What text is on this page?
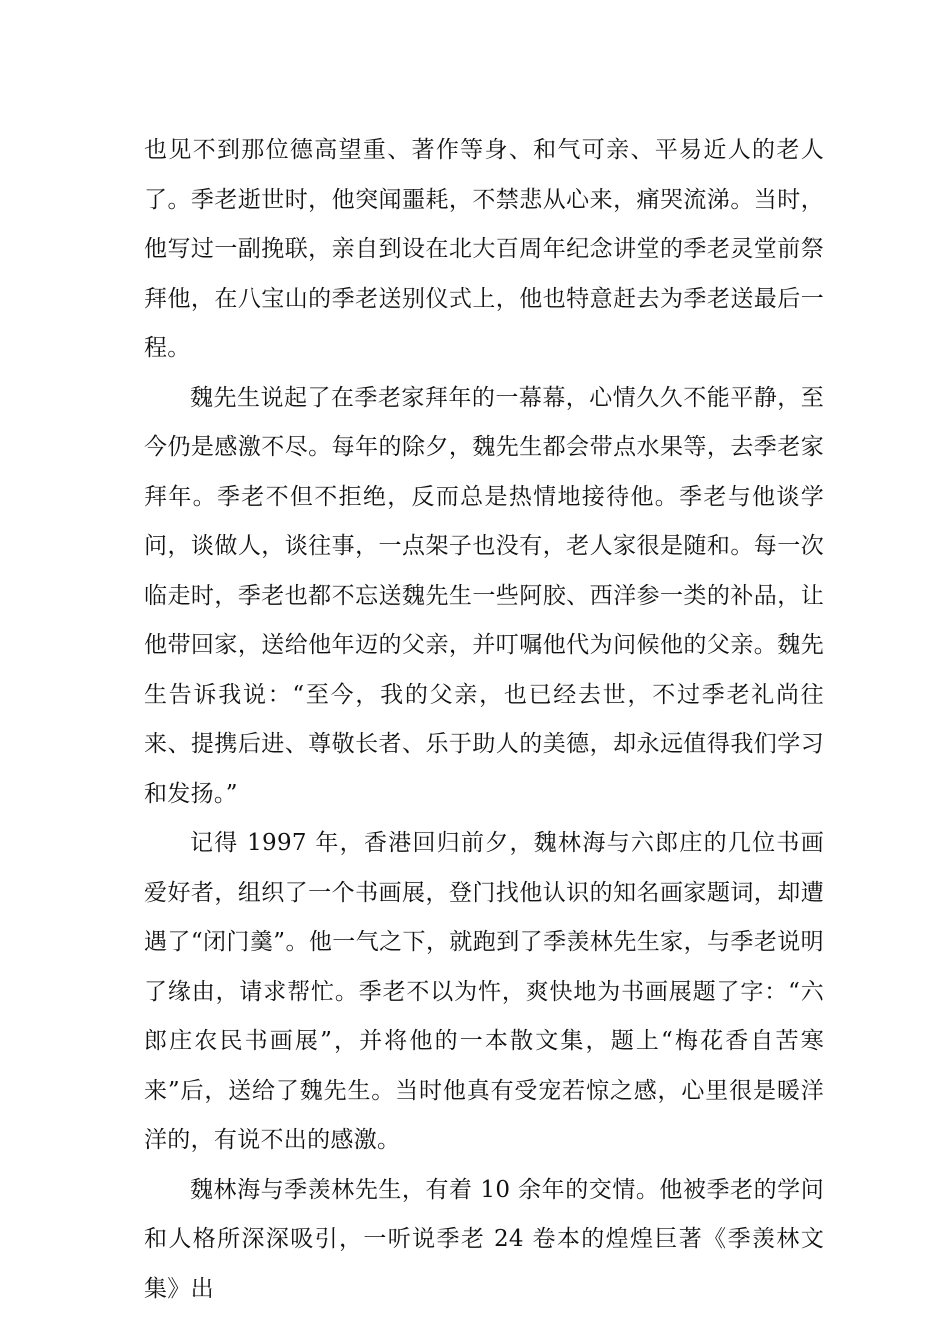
也见不到那位德高望重、著作等身、和气可亲、平易近人的老人了。季老逝世时，他突闻噩耗，不禁悲从心来，痛哭流涕。当时，他写过一副挽联，亲自到设在北大百周年纪念讲堂的季老灵堂前祭拜他，在八宝山的季老送别仪式上，他也特意赶去为季老送最后一程。

魏先生说起了在季老家拜年的一幕幕，心情久久不能平静，至今仍是感激不尽。每年的除夕，魏先生都会带点水果等，去季老家拜年。季老不但不拒绝，反而总是热情地接待他。季老与他谈学问，谈做人，谈往事，一点架子也没有，老人家很是随和。每一次临走时，季老也都不忘送魏先生一些阿胶、西洋参一类的补品，让他带回家，送给他年迈的父亲，并叮嘱他代为问候他的父亲。魏先生告诉我说：“至今，我的父亲，也已经去世，不过季老礼尚往来、提携后进、尊敬长者、乐于助人的美德，却永远值得我们学习和发扬。”

记得 1997 年，香港回归前夕，魏林海与六郎庄的几位书画爱好者，组织了一个书画展，登门找他认识的知名画家题词，却遭遇了“闭门羹”。他一气之下，就跑到了季羡林先生家，与季老说明了缘由，请求帮忙。季老不以为忤，爽快地为书画展题了字：“六郎庄农民书画展”，并将他的一本散文集，题上“梅花香自苦寒来”后，送给了魏先生。当时他真有受宠若惊之感，心里很是暖洋洋的，有说不出的感激。

魏林海与季羡林先生，有着 10 余年的交情。他被季老的学问和人格所深深吸引，一听说季老 24 卷本的煌煌巨著《季羡林文集》出
